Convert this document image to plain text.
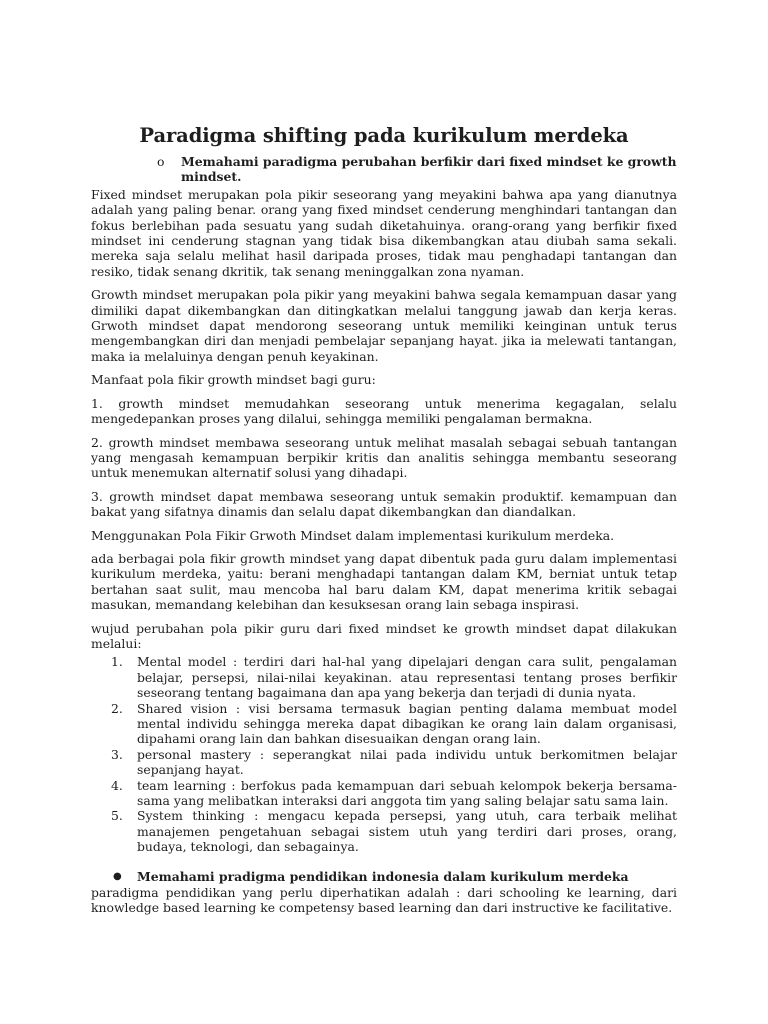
Paradigma shifting pada kurikulum merdeka
o	Memahami paradigma perubahan berfikir dari fixed mindset ke growth mindset.

Fixed mindset merupakan pola pikir seseorang yang meyakini bahwa apa yang dianutnya adalah yang paling benar. orang yang fixed mindset cenderung menghindari tantangan dan fokus berlebihan pada sesuatu yang sudah diketahuinya. orang-orang yang berfikir fixed mindset ini cenderung stagnan yang tidak bisa dikembangkan atau diubah sama sekali. mereka saja selalu melihat hasil daripada proses, tidak mau penghadapi tantangan dan resiko, tidak senang dkritik, tak senang meninggalkan zona nyaman.

Growth mindset merupakan pola pikir yang meyakini bahwa segala kemampuan dasar yang dimiliki dapat dikembangkan dan ditingkatkan melalui tanggung jawab dan kerja keras. Grwoth mindset dapat mendorong seseorang untuk memiliki keinginan untuk terus mengembangkan diri dan menjadi pembelajar sepanjang hayat. jika ia melewati tantangan, maka ia melaluinya dengan penuh keyakinan.

Manfaat pola fikir growth mindset bagi guru:

1. growth mindset memudahkan seseorang untuk menerima kegagalan, selalu mengedepankan proses yang dilalui, sehingga memiliki pengalaman bermakna.

2. growth mindset membawa seseorang untuk melihat masalah sebagai sebuah tantangan yang mengasah kemampuan berpikir kritis dan analitis sehingga membantu seseorang untuk menemukan alternatif solusi yang dihadapi.

3. growth mindset dapat membawa seseorang untuk semakin produktif. kemampuan dan bakat yang sifatnya dinamis dan selalu dapat dikembangkan dan diandalkan.

Menggunakan Pola Fikir Grwoth Mindset dalam implementasi kurikulum merdeka.

ada berbagai pola fikir growth mindset yang dapat dibentuk pada guru dalam implementasi kurikulum merdeka, yaitu: berani menghadapi tantangan dalam KM, berniat untuk tetap bertahan saat sulit, mau mencoba hal baru dalam KM, dapat menerima kritik sebagai masukan, memandang kelebihan dan kesuksesan orang lain sebaga inspirasi.

wujud perubahan pola pikir guru dari fixed mindset ke growth mindset dapat dilakukan melalui:

1.	Mental model : terdiri dari hal-hal yang dipelajari dengan cara sulit, pengalaman belajar, persepsi, nilai-nilai keyakinan. atau representasi tentang proses berfikir seseorang tentang bagaimana dan apa yang bekerja dan terjadi di dunia nyata.
2.	Shared vision : visi bersama termasuk bagian penting dalama membuat model mental individu sehingga mereka dapat dibagikan ke orang lain dalam organisasi, dipahami orang lain dan bahkan disesuaikan dengan orang lain.
3.	personal mastery : seperangkat nilai pada individu untuk berkomitmen belajar sepanjang hayat.
4.	team learning : berfokus pada kemampuan dari sebuah kelompok bekerja bersama-sama yang melibatkan interaksi dari anggota tim yang saling belajar satu sama lain.
5.	System thinking : mengacu kepada persepsi, yang utuh, cara terbaik melihat manajemen pengetahuan sebagai sistem utuh yang terdiri dari proses, orang, budaya, teknologi, dan sebagainya.
●	Memahami pradigma pendidikan indonesia dalam kurikulum merdeka

paradigma pendidikan yang perlu diperhatikan adalah : dari schooling ke learning, dari knowledge based learning ke competensy based learning dan dari instructive ke facilitative.
